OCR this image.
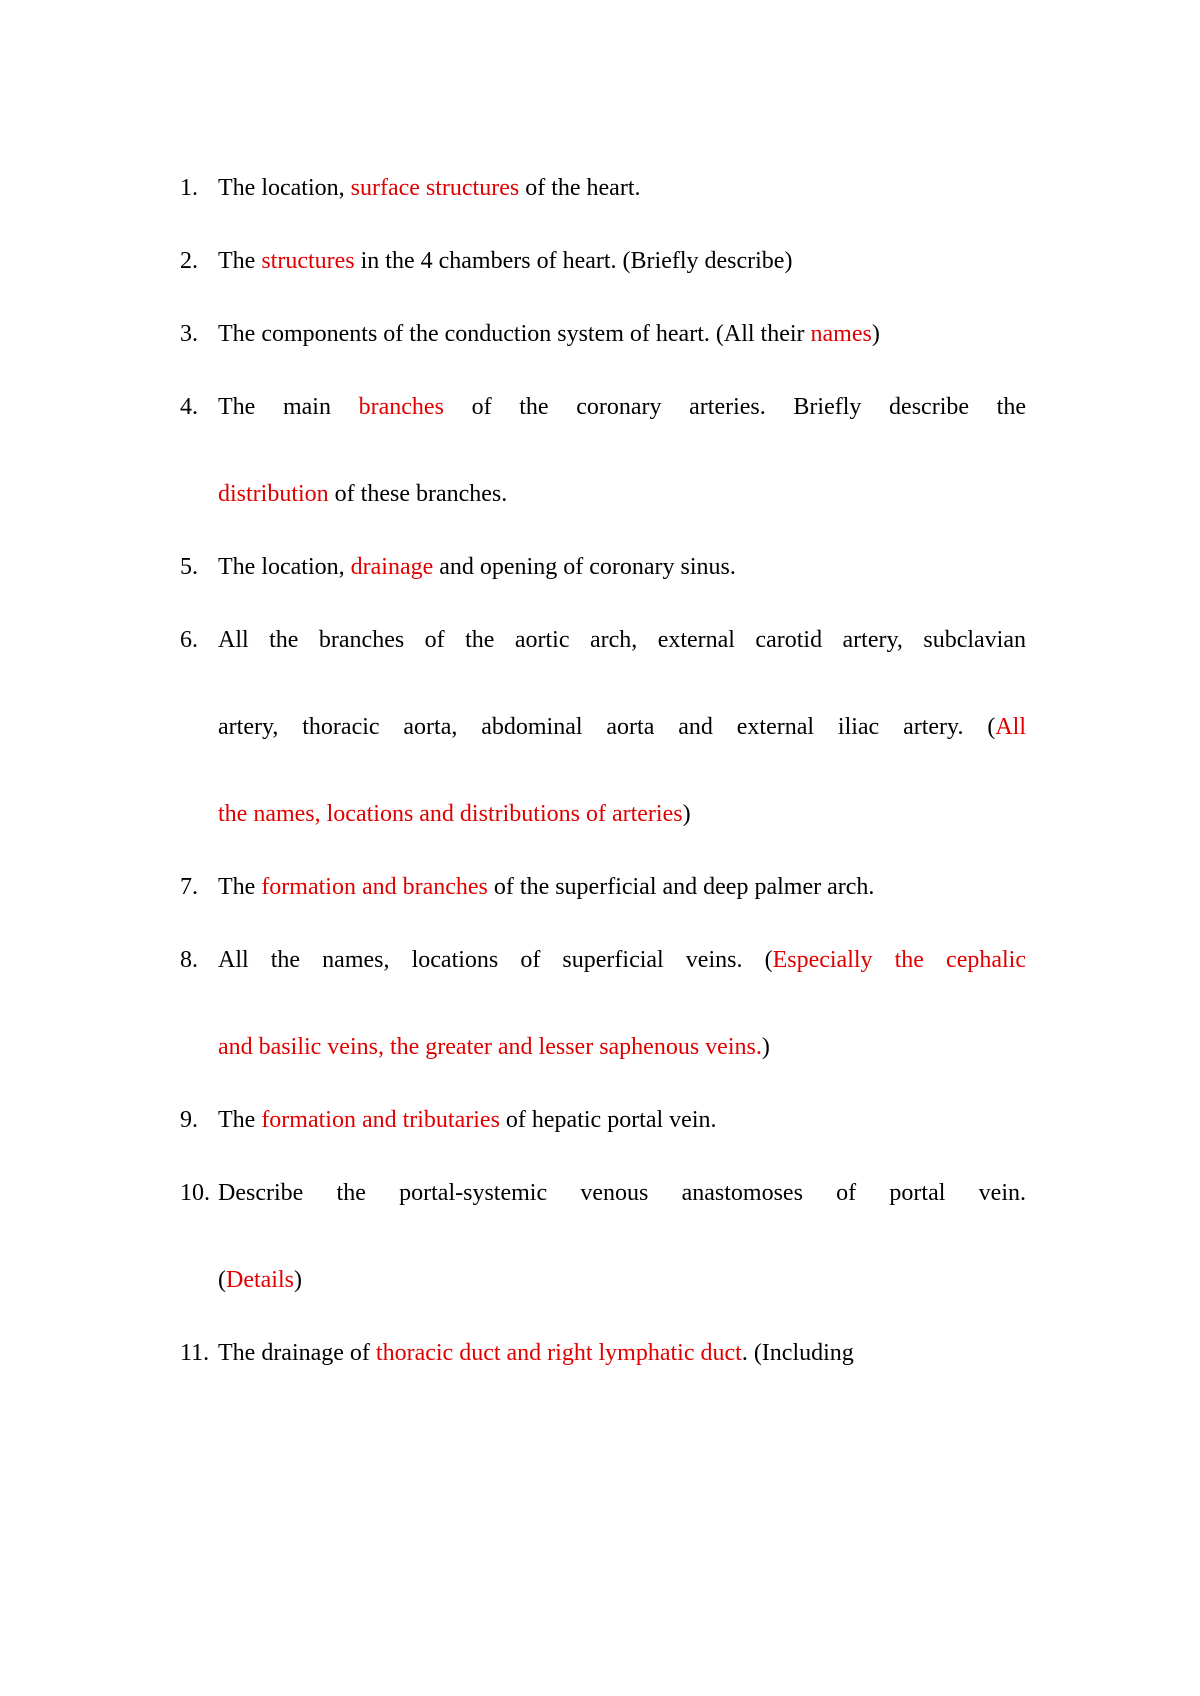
1. The location, surface structures of the heart.
2. The structures in the 4 chambers of heart. (Briefly describe)
3. The components of the conduction system of heart. (All their names)
4. The main branches of the coronary arteries. Briefly describe the
distribution of these branches.
5. The location, drainage and opening of coronary sinus.
6. All the branches of the aortic arch, external carotid artery, subclavian
artery, thoracic aorta, abdominal aorta and external iliac artery. (All
the names, locations and distributions of arteries)
7. The formation and branches of the superficial and deep palmer arch.
8. All the names, locations of superficial veins. (Especially the cephalic
and basilic veins, the greater and lesser saphenous veins.)
9. The formation and tributaries of hepatic portal vein.
10. Describe the portal-systemic venous anastomoses of portal vein.
(Details)
11. The drainage of thoracic duct and right lymphatic duct. (Including
